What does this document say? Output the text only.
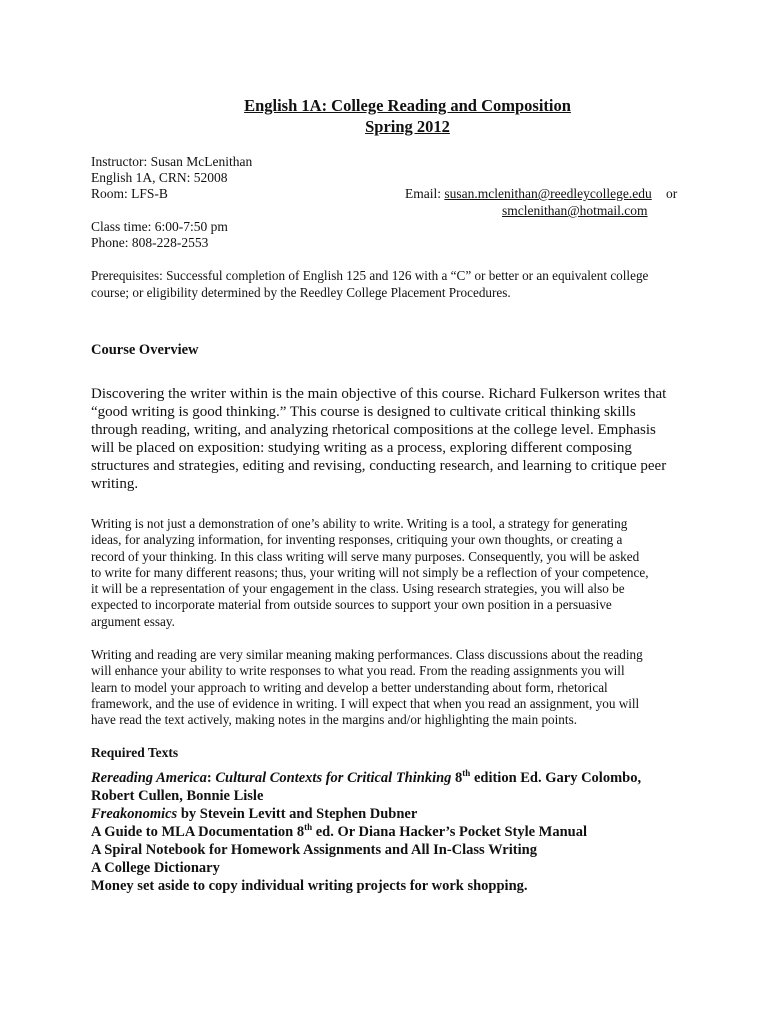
English 1A: College Reading and Composition
Spring 2012
Instructor: Susan McLenithan
English 1A, CRN: 52008
Room: LFS-B	Email: susan.mclenithan@reedleycollege.edu or
smclenithan@hotmail.com
Class time: 6:00-7:50 pm
Phone: 808-228-2553
Prerequisites: Successful completion of English 125 and 126 with a “C” or better or an equivalent college
course; or eligibility determined by the Reedley College Placement Procedures.
Course Overview

Discovering the writer within is the main objective of this course. Richard Fulkerson writes that

“good writing is good thinking.” This course is designed to cultivate critical thinking skills

through reading, writing, and analyzing rhetorical compositions at the college level. Emphasis

will be placed on exposition: studying writing as a process, exploring different composing

structures and strategies, editing and revising, conducting research, and learning to critique peer

writing.

Writing is not just a demonstration of one’s ability to write. Writing is a tool, a strategy for generating

ideas, for analyzing information, for inventing responses, critiquing your own thoughts, or creating a

record of your thinking. In this class writing will serve many purposes. Consequently, you will be asked

to write for many different reasons; thus, your writing will not simply be a reflection of your competence,

it will be a representation of your engagement in the class. Using research strategies, you will also be

expected to incorporate material from outside sources to support your own position in a persuasive

argument essay.

Writing and reading are very similar meaning making performances. Class discussions about the reading

will enhance your ability to write responses to what you read. From the reading assignments you will

learn to model your approach to writing and develop a better understanding about form, rhetorical

framework, and the use of evidence in writing. I will expect that when you read an assignment, you will

have read the text actively, making notes in the margins and/or highlighting the main points.

Required Texts
Rereading America: Cultural Contexts for Critical Thinking 8th edition Ed. Gary Colombo,
Robert Cullen, Bonnie Lisle
Freakonomics by Stevein Levitt and Stephen Dubner
A Guide to MLA Documentation 8th ed. Or Diana Hacker’s Pocket Style Manual
A Spiral Notebook for Homework Assignments and All In-Class Writing
A College Dictionary
Money set aside to copy individual writing projects for work shopping.
